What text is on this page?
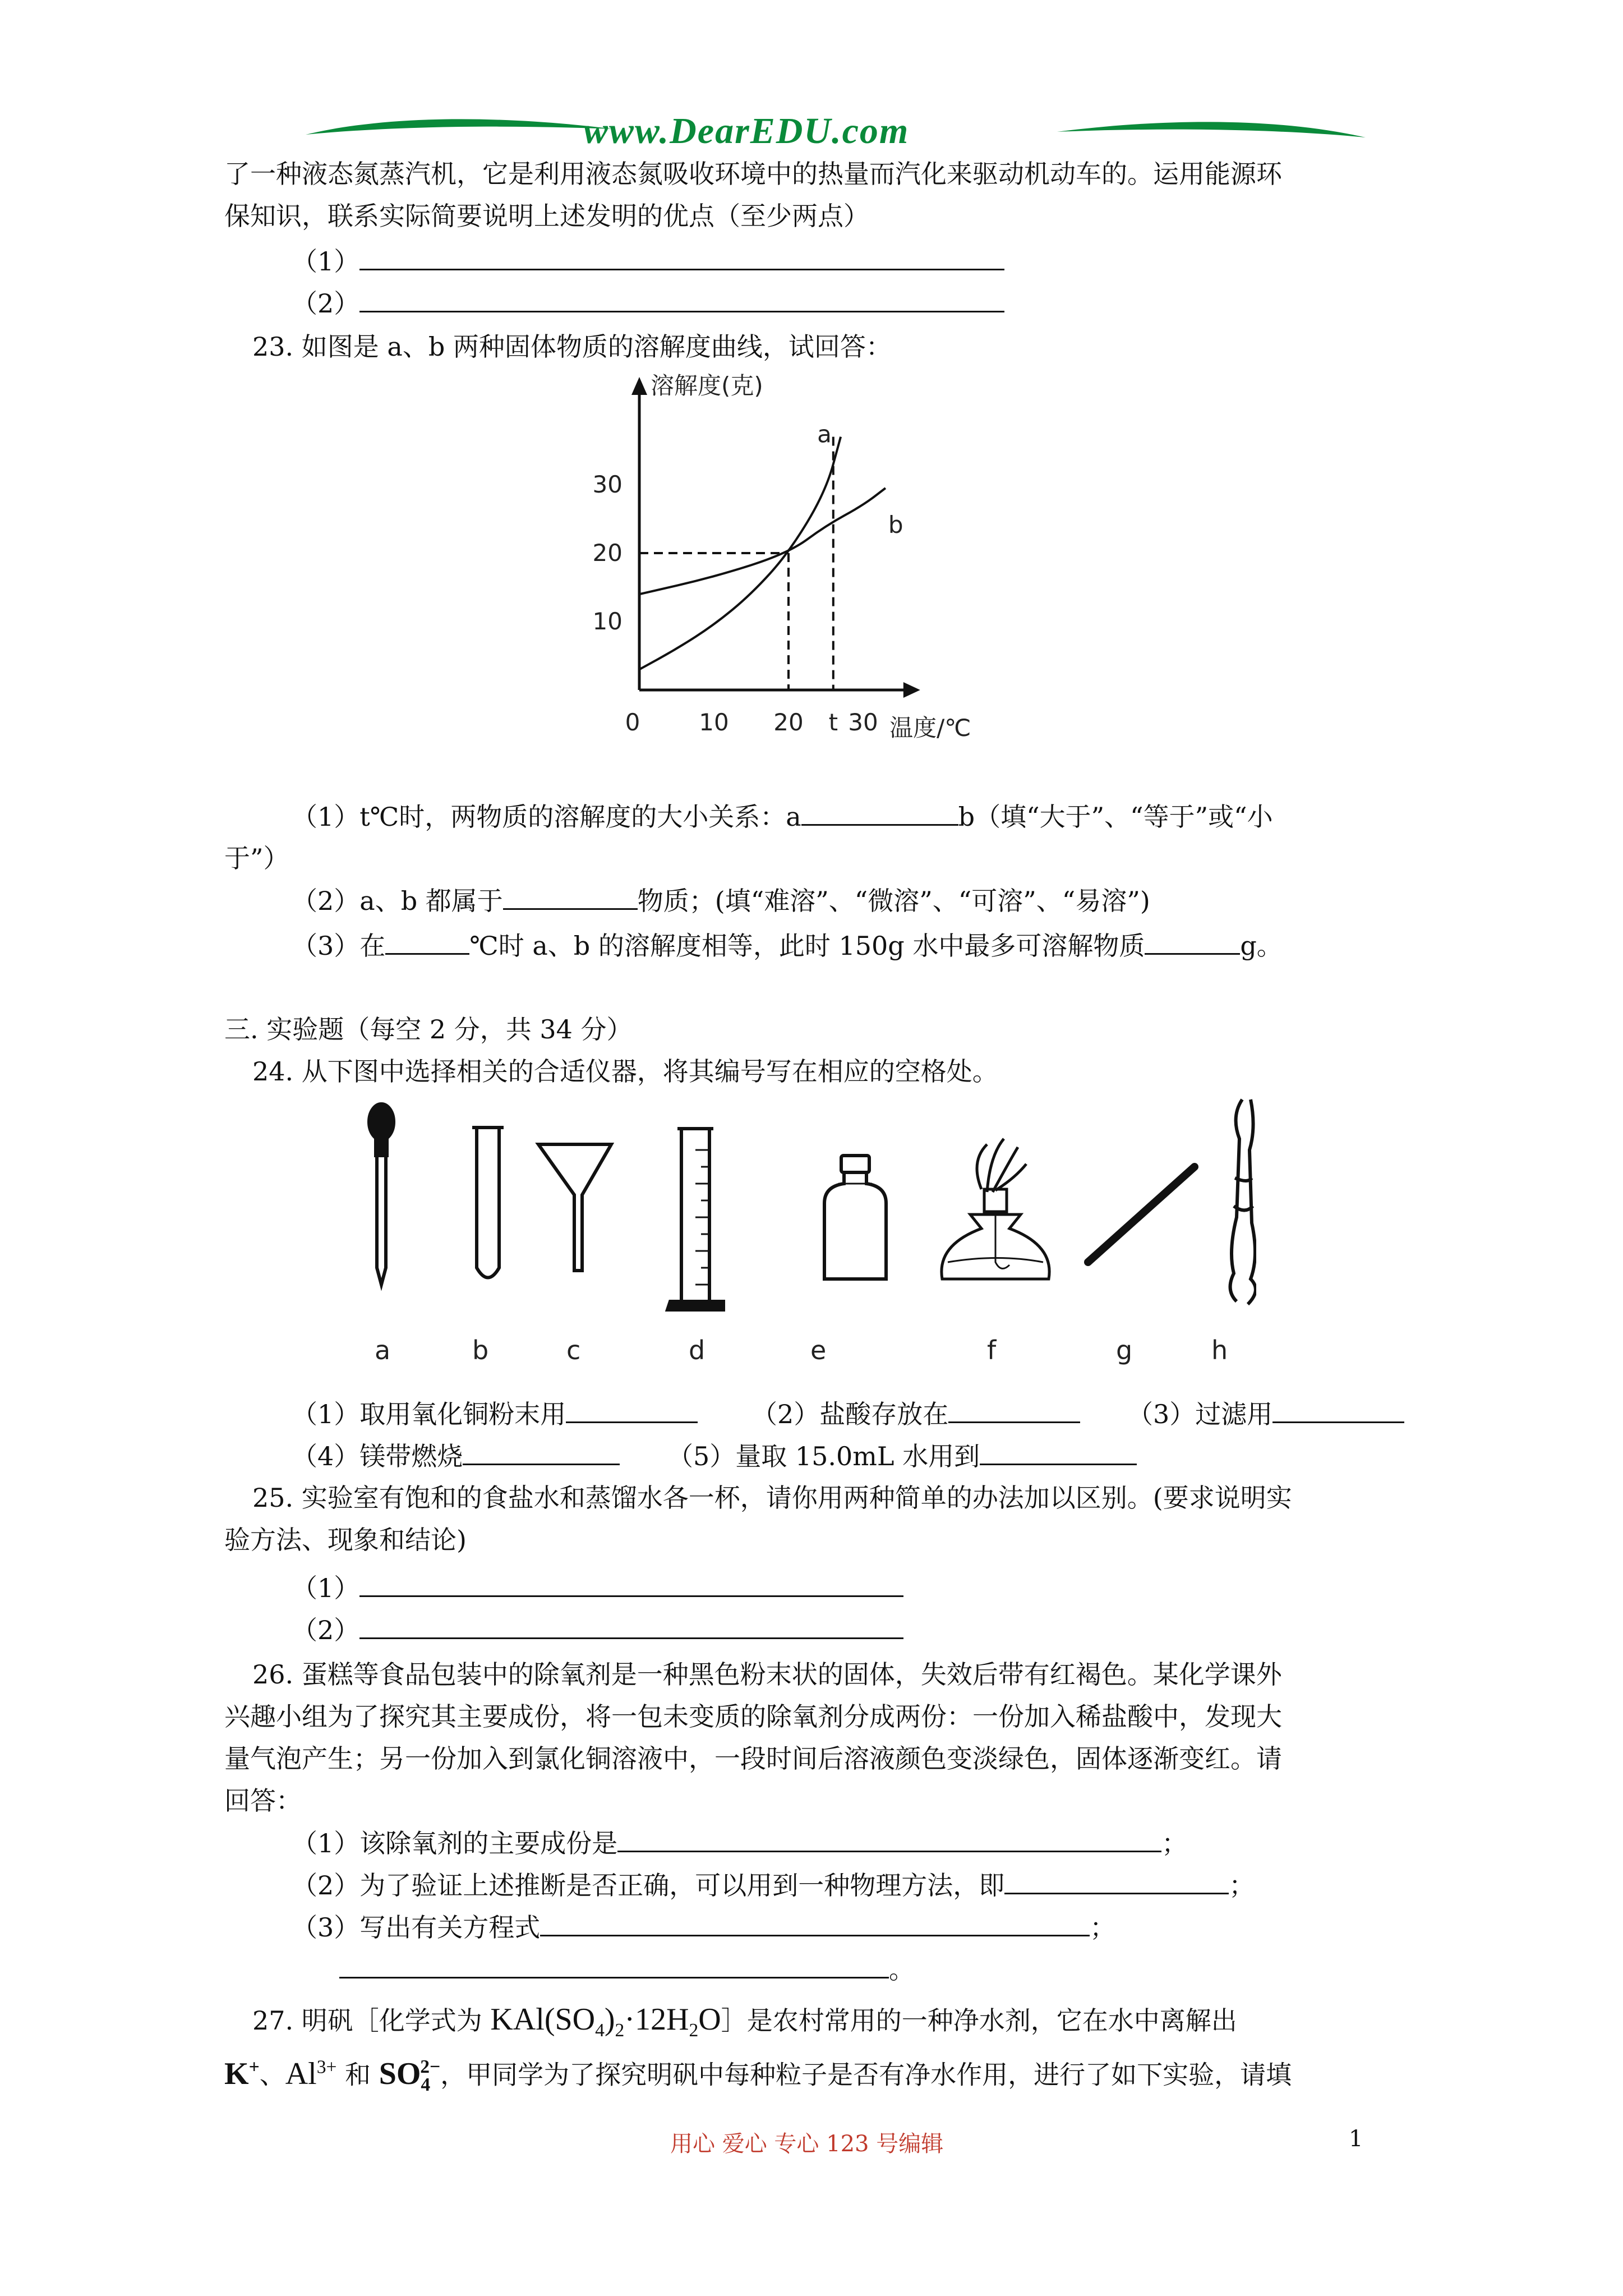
www.DearEDU.com
了一种液态氮蒸汽机，它是利用液态氮吸收环境中的热量而汽化来驱动机动车的。运用能源环
保知识，联系实际简要说明上述发明的优点（至少两点）
（1）
（2）
23. 如图是 a、b 两种固体物质的溶解度曲线，试回答：
溶解度(克)
温度/℃
10
20
30
0 10 20 t 30
a
b
（1）t℃时，两物质的溶解度的大小关系：a	b（填“大于”、“等于”或“小
于”）
（2）a、b 都属于	物质；(填“难溶”、“微溶”、“可溶”、“易溶”)
（3）在	℃时 a、b 的溶解度相等，此时 150g 水中最多可溶解物质	g。
三. 实验题（每空 2 分，共 34 分）
24. 从下图中选择相关的合适仪器，将其编号写在相应的空格处。
a	b	c	d	e	f	g	h
（1）取用氧化铜粉末用	（2）盐酸存放在	（3）过滤用
（4）镁带燃烧	（5）量取 15.0mL 水用到
25. 实验室有饱和的食盐水和蒸馏水各一杯，请你用两种简单的办法加以区别。(要求说明实
验方法、现象和结论)
（1）
（2）
26. 蛋糕等食品包装中的除氧剂是一种黑色粉末状的固体，失效后带有红褐色。某化学课外
兴趣小组为了探究其主要成份，将一包未变质的除氧剂分成两份：一份加入稀盐酸中，发现大
量气泡产生；另一份加入到氯化铜溶液中，一段时间后溶液颜色变淡绿色，固体逐渐变红。请
回答：
（1）该除氧剂的主要成份是	；
（2）为了验证上述推断是否正确，可以用到一种物理方法，即	；
（3）写出有关方程式	；
。
27. 明矾［化学式为 $KAl(SO_4)_2\cdot 12H_2O]$是农村常用的一种净水剂，它在水中离解出
K+、$Al^{3+}$ 和 $SO_4^{2-}$，甲同学为了探究明矾中每种粒子是否有净水作用，进行了如下实验，请填
用心 爱心 专心 123 号编辑	1
